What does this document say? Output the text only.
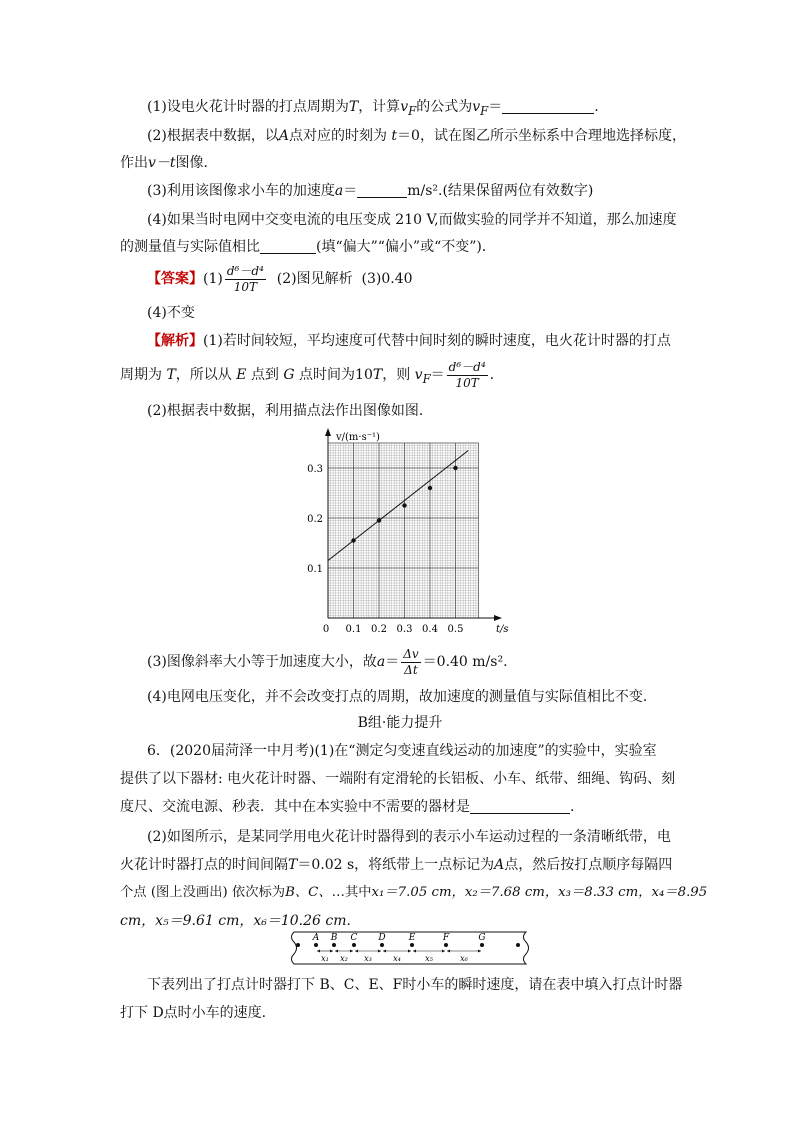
(1)设电火花计时器的打点周期为T，计算$v_F$的公式为$v_F=$	.
(2)根据表中数据，以A点对应的时刻为 t＝0，试在图乙所示坐标系中合理地选择标度，
作出v－t图像．
(3)利用该图像求小车的加速度a＝	m/s².(结果保留两位有效数字)
(4)如果当时电网中交变电流的电压变成 210 V,而做实验的同学并不知道，那么加速度
的测量值与实际值相比	(填“偏大”“偏小”或“不变”)．
【答案】$(1) \frac{\text{d⁶－d⁴}}{10T} (2)$图见解析 (3)0.40
(4)不变
【解析】(1)若时间较短，平均速度可代替中间时刻的瞬时速度，电火花计时器的打点
周期为 T，所以从 E 点到 G 点时间为10T，则 $v_F= \frac{\text{d⁶－d⁴}}{10T}$ .
(2)根据表中数据，利用描点法作出图像如图．
v/(m·s⁻¹)
t/s
0 0.1 0.2 0.3 0.4 0.5
0.1
0.2
0.3
(3)图像斜率大小等于加速度大小，故$a= \frac{\Delta v}{\Delta t} =0.40$ m/s².
(4)电网电压变化，并不会改变打点的周期，故加速度的测量值与实际值相比不变．
B组·能力提升
6．(2020届菏泽一中月考)(1)在“测定匀变速直线运动的加速度”的实验中，实验室
提供了以下器材: 电火花计时器、一端附有定滑轮的长铝板、小车、纸带、细绳、钩码、刻
度尺、交流电源、秒表．其中在本实验中不需要的器材是	.
(2)如图所示，是某同学用电火花计时器得到的表示小车运动过程的一条清晰纸带，电
火花计时器打点的时间间隔T＝0.02 s，将纸带上一点标记为A点，然后按打点顺序每隔四
个点 (图上没画出) 依次标为B、C、…其中x₁＝7.05 cm，x₂＝7.68 cm，x₃＝8.33 cm，x₄＝8.95
cm，x₅＝9.61 cm，x₆＝10.26 cm.
A B C D	E	F	G
x₁ x₂ x₃	x₄	x₅	x₆
下表列出了打点计时器打下 B、C、E、F时小车的瞬时速度，请在表中填入打点计时器
打下 D点时小车的速度.
